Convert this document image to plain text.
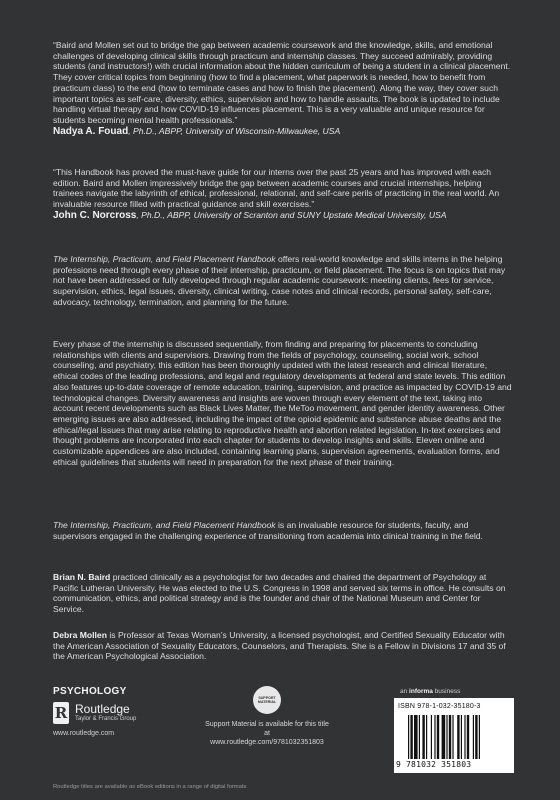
“Baird and Mollen set out to bridge the gap between academic coursework and the knowledge, skills, and emotional challenges of developing clinical skills through practicum and internship classes. They succeed admirably, providing students (and instructors!) with crucial information about the hidden curriculum of being a student in a clinical placement. They cover critical topics from beginning (how to find a placement, what paperwork is needed, how to benefit from practicum class) to the end (how to terminate cases and how to finish the placement). Along the way, they cover such important topics as self-care, diversity, ethics, supervision and how to handle assaults. The book is updated to include handling virtual therapy and how COVID-19 influences placement. This is a very valuable and unique resource for students becoming mental health professionals.”

Nadya A. Fouad, Ph.D., ABPP, University of Wisconsin-Milwaukee, USA

“This Handbook has proved the must-have guide for our interns over the past 25 years and has improved with each edition. Baird and Mollen impressively bridge the gap between academic courses and crucial internships, helping trainees navigate the labyrinth of ethical, professional, relational, and self-care perils of practicing in the real world. An invaluable resource filled with practical guidance and skill exercises.”

John C. Norcross, Ph.D., ABPP, University of Scranton and SUNY Upstate Medical University, USA

The Internship, Practicum, and Field Placement Handbook offers real-world knowledge and skills interns in the helping professions need through every phase of their internship, practicum, or field placement. The focus is on topics that may not have been addressed or fully developed through regular academic coursework: meeting clients, fees for service, supervision, ethics, legal issues, diversity, clinical writing, case notes and clinical records, personal safety, self-care, advocacy, technology, termination, and planning for the future.

Every phase of the internship is discussed sequentially, from finding and preparing for placements to concluding relationships with clients and supervisors. Drawing from the fields of psychology, counseling, social work, school counseling, and psychiatry, this edition has been thoroughly updated with the latest research and clinical literature, ethical codes of the leading professions, and legal and regulatory developments at federal and state levels. This edition also features up-to-date coverage of remote education, training, supervision, and practice as impacted by COVID-19 and technological changes. Diversity awareness and insights are woven through every element of the text, taking into account recent developments such as Black Lives Matter, the MeToo movement, and gender identity awareness. Other emerging issues are also addressed, including the impact of the opioid epidemic and substance abuse deaths and the ethical/legal issues that may arise relating to reproductive health and abortion related legislation. In-text exercises and thought problems are incorporated into each chapter for students to develop insights and skills. Eleven online and customizable appendices are also included, containing learning plans, supervision agreements, evaluation forms, and ethical guidelines that students will need in preparation for the next phase of their training.

The Internship, Practicum, and Field Placement Handbook is an invaluable resource for students, faculty, and supervisors engaged in the challenging experience of transitioning from academia into clinical training in the field.

Brian N. Baird practiced clinically as a psychologist for two decades and chaired the department of Psychology at Pacific Lutheran University. He was elected to the U.S. Congress in 1998 and served six terms in office. He consults on communication, ethics, and political strategy and is the founder and chair of the National Museum and Center for Service.

Debra Mollen is Professor at Texas Woman’s University, a licensed psychologist, and Certified Sexuality Educator with the American Association of Sexuality Educators, Counselors, and Therapists. She is a Fellow in Divisions 17 and 35 of the American Psychological Association.

PSYCHOLOGY
R Routledge
Taylor & Francis Group
www.routledge.com
SUPPORT MATERIAL
Support Material is available for this title at
www.routledge.com/9781032351803
an informa business
ISBN 978-1-032-35180-3
9 781032 351803
Routledge titles are available as eBook editions in a range of digital formats
